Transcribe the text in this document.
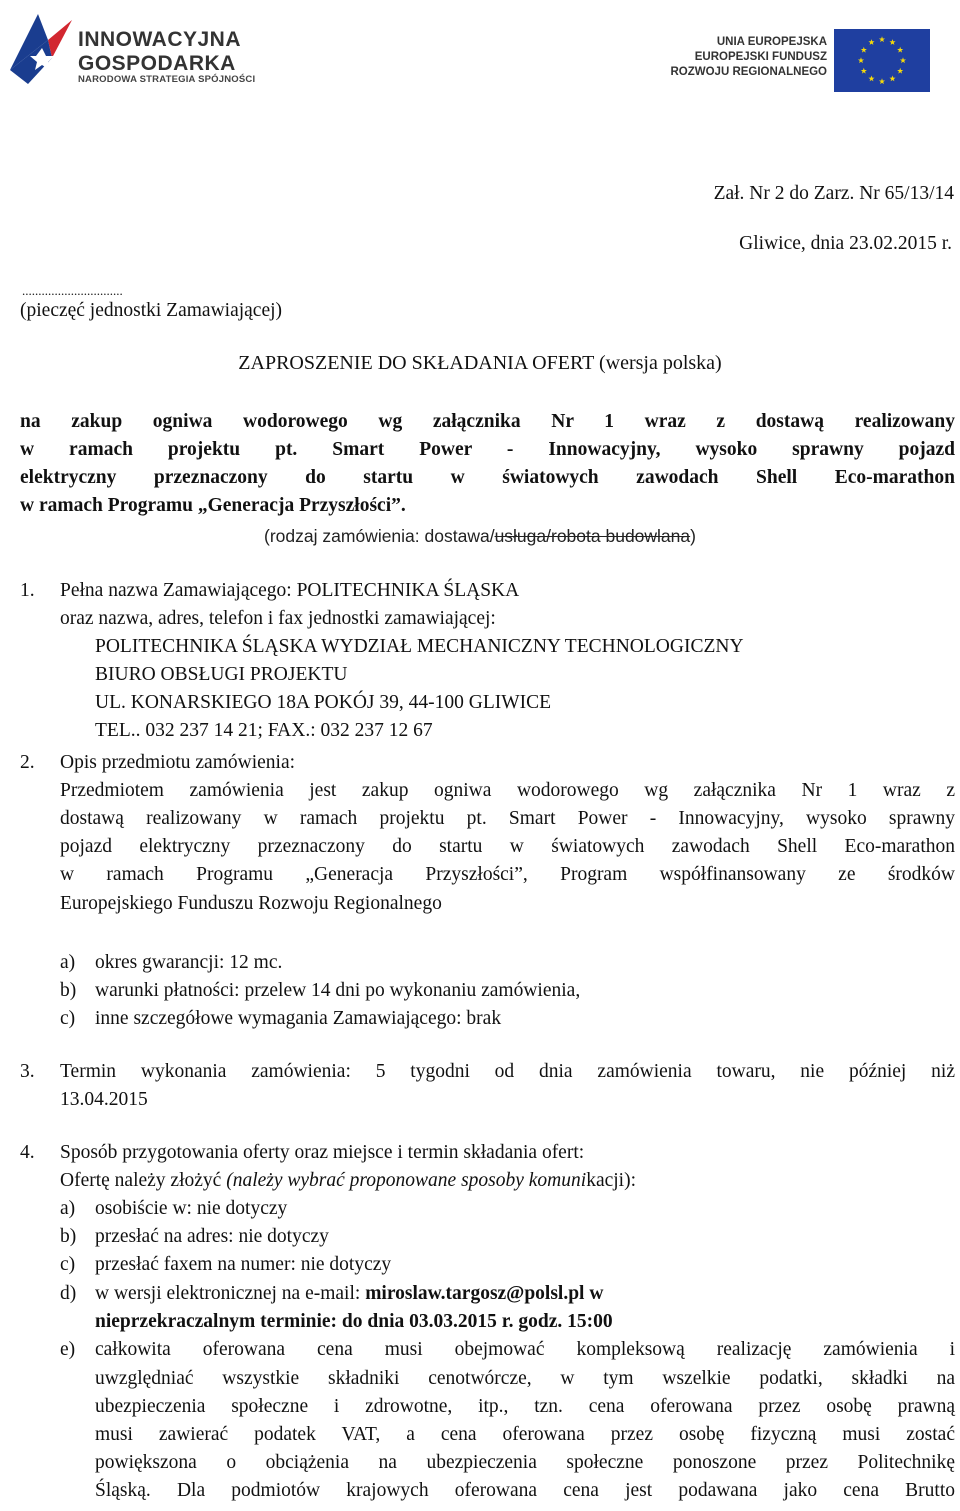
INNOWACYJNA
GOSPODARKA
NARODOWA STRATEGIA SPÓJNOŚCI
UNIA EUROPEJSKA
EUROPEJSKI FUNDUSZ
ROZWOJU REGIONALNEGO
Zał. Nr 2 do Zarz. Nr 65/13/14
Gliwice, dnia 23.02.2015 r.
...............................
(pieczęć jednostki Zamawiającej)
ZAPROSZENIE DO SKŁADANIA OFERT (wersja polska)
na zakup ogniwa wodorowego wg załącznika Nr 1 wraz z dostawą realizowany
w ramach projektu pt. Smart Power - Innowacyjny, wysoko sprawny pojazd
elektryczny przeznaczony do startu w światowych zawodach Shell Eco-marathon
w ramach Programu „Generacja Przyszłości”.
(rodzaj zamówienia: dostawa/usługa/robota budowlana)
1. Pełna nazwa Zamawiającego: POLITECHNIKA ŚLĄSKA
oraz nazwa, adres, telefon i fax jednostki zamawiającej:
POLITECHNIKA ŚLĄSKA WYDZIAŁ MECHANICZNY TECHNOLOGICZNY
BIURO OBSŁUGI PROJEKTU
UL. KONARSKIEGO 18A POKÓJ 39, 44-100 GLIWICE
TEL.. 032 237 14 21; FAX.: 032 237 12 67
2. Opis przedmiotu zamówienia:
Przedmiotem zamówienia jest zakup ogniwa wodorowego wg załącznika Nr 1 wraz z
dostawą realizowany w ramach projektu pt. Smart Power - Innowacyjny, wysoko sprawny
pojazd elektryczny przeznaczony do startu w światowych zawodach Shell Eco-marathon
w ramach Programu „Generacja Przyszłości”, Program współfinansowany ze środków
Europejskiego Funduszu Rozwoju Regionalnego
a) okres gwarancji: 12 mc.
b) warunki płatności: przelew 14 dni po wykonaniu zamówienia,
c) inne szczegółowe wymagania Zamawiającego: brak
3. Termin wykonania zamówienia: 5 tygodni od dnia zamówienia towaru, nie później niż
13.04.2015
4. Sposób przygotowania oferty oraz miejsce i termin składania ofert:
Ofertę należy złożyć (należy wybrać proponowane sposoby komunikacji):
a) osobiście w: nie dotyczy
b) przesłać na adres: nie dotyczy
c) przesłać faxem na numer: nie dotyczy
d) w wersji elektronicznej na e-mail: miroslaw.targosz@polsl.pl w
nieprzekraczalnym terminie: do dnia 03.03.2015 r. godz. 15:00
e) całkowita oferowana cena musi obejmować kompleksową realizację zamówienia i
uwzględniać wszystkie składniki cenotwórcze, w tym wszelkie podatki, składki na
ubezpieczenia społeczne i zdrowotne, itp., tzn. cena oferowana przez osobę prawną
musi zawierać podatek VAT, a cena oferowana przez osobę fizyczną musi zostać
powiększona o obciążenia na ubezpieczenia społeczne ponoszone przez Politechnikę
Śląską. Dla podmiotów krajowych oferowana cena jest podawana jako cena Brutto
